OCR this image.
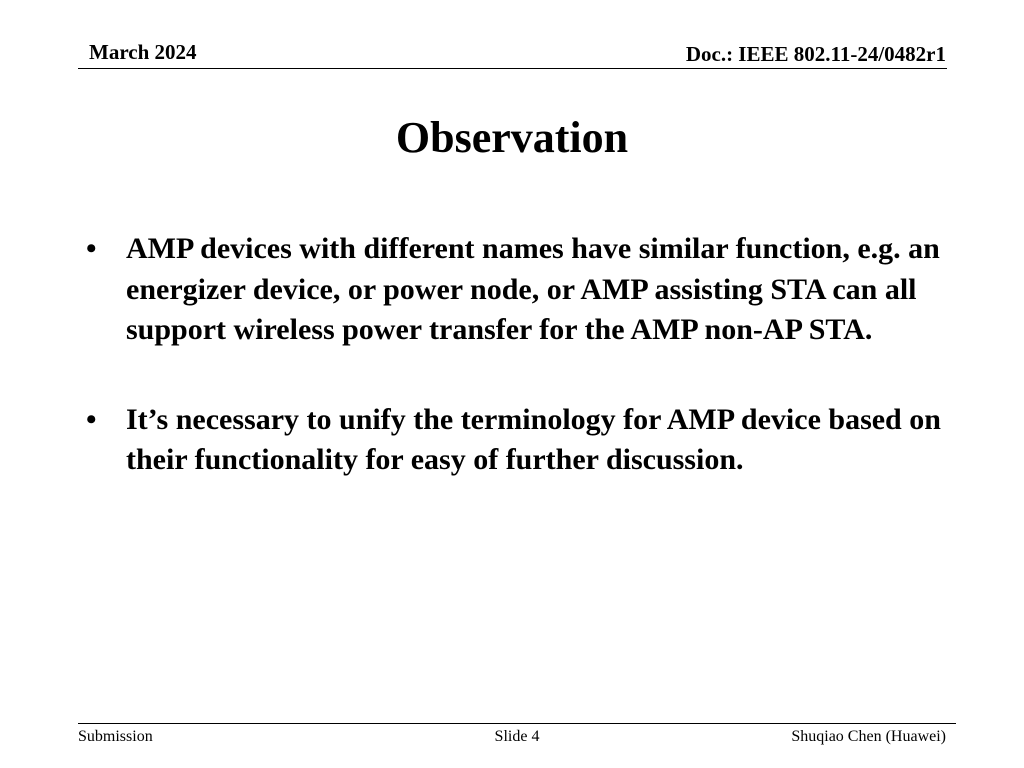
March 2024	Doc.: IEEE 802.11-24/0482r1
Observation
• AMP devices with different names have similar function, e.g. an energizer device, or power node, or AMP assisting STA can all support wireless power transfer for the AMP non-AP STA.
• It’s necessary to unify the terminology for AMP device based on their functionality for easy of further discussion.
Submission	Slide 4	Shuqiao Chen (Huawei)
